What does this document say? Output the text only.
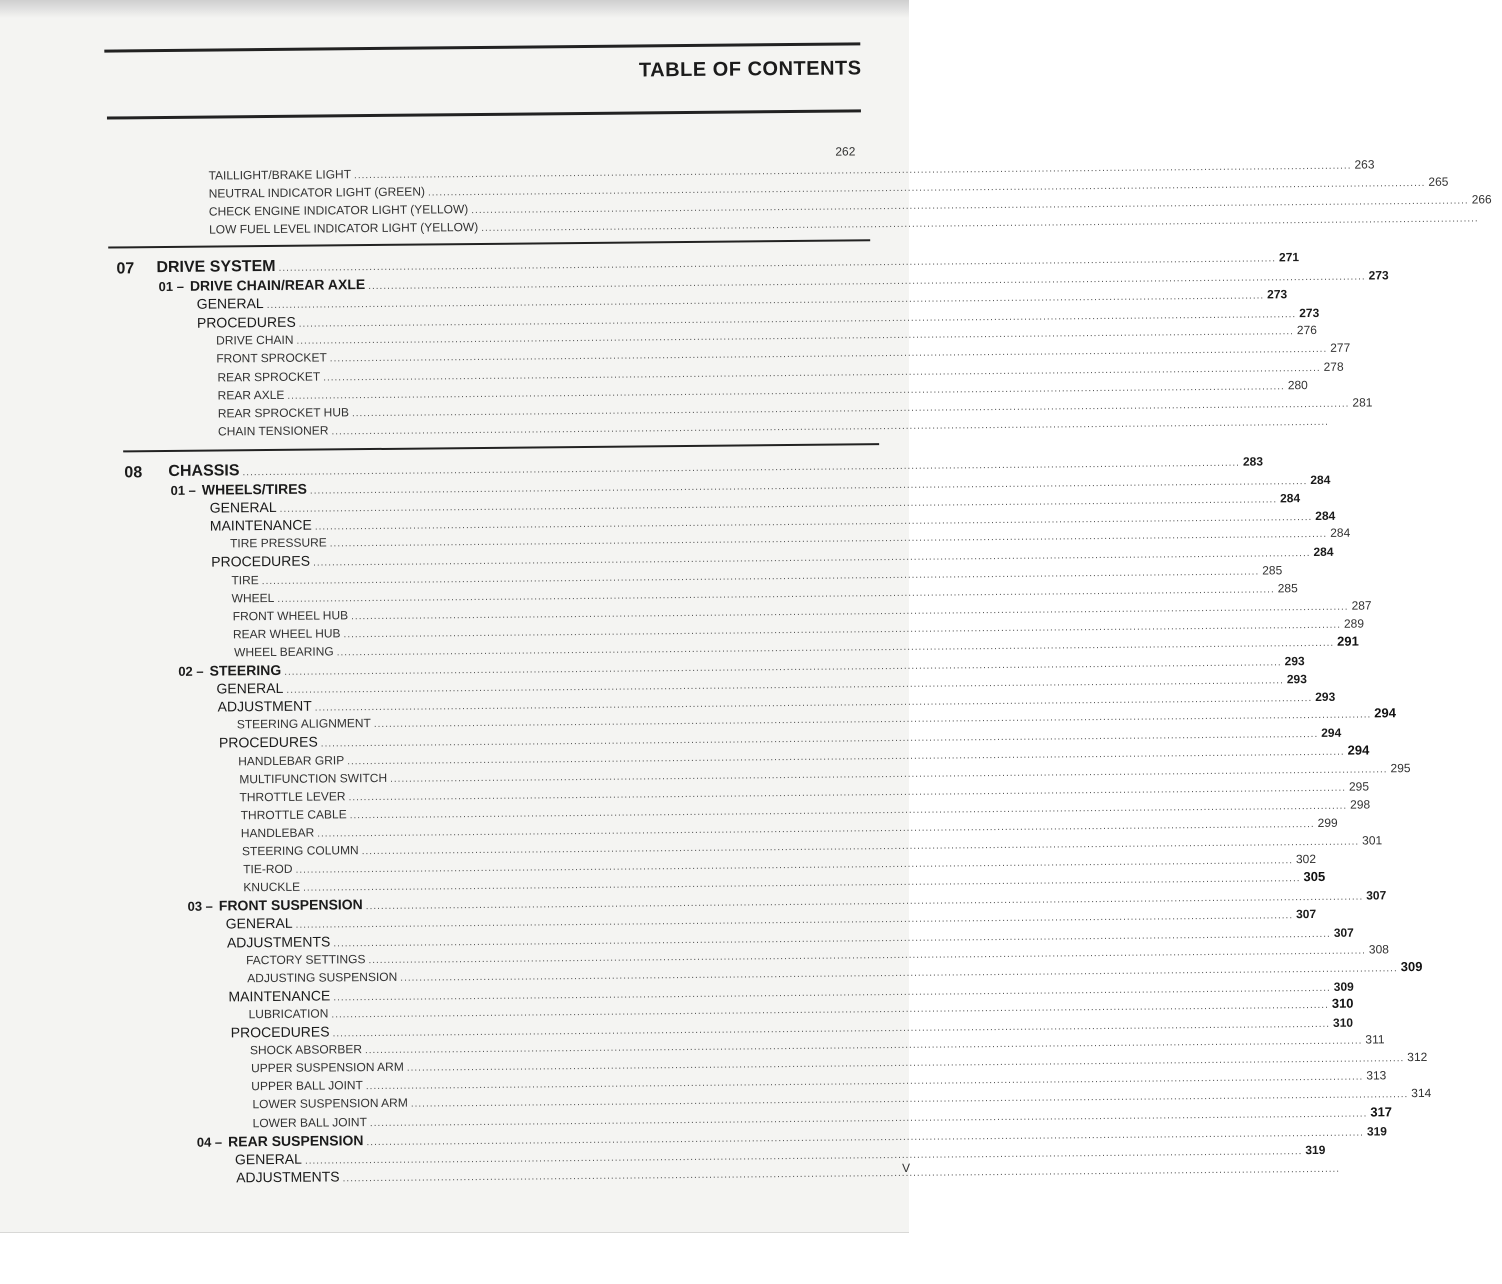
TABLE OF CONTENTS
262
TAILLIGHT/BRAKE LIGHT
.....
263
NEUTRAL INDICATOR LIGHT (GREEN)
.....
265
CHECK ENGINE INDICATOR LIGHT (YELLOW)
.....
266
LOW FUEL LEVEL INDICATOR LIGHT (YELLOW)
.....
07 DRIVE SYSTEM
.....
271
01 – DRIVE CHAIN/REAR AXLE
.....
273
GENERAL
.....
273
PROCEDURES
.....
273
DRIVE CHAIN
.....
276
FRONT SPROCKET
.....
277
REAR SPROCKET
.....
278
REAR AXLE
.....
280
REAR SPROCKET HUB
.....
281
CHAIN TENSIONER
.....
08 CHASSIS
.....
283
01 – WHEELS/TIRES
.....
284
GENERAL
.....
284
MAINTENANCE
.....
284
TIRE PRESSURE
.....
284
PROCEDURES
.....
284
TIRE
.....
285
WHEEL
.....
285
FRONT WHEEL HUB
.....
287
REAR WHEEL HUB
.....
289
WHEEL BEARING
.....
291
02 – STEERING
.....
293
GENERAL
.....
293
ADJUSTMENT
.....
293
STEERING ALIGNMENT
.....
294
PROCEDURES
.....
294
HANDLEBAR GRIP
.....
294
MULTIFUNCTION SWITCH
.....
295
THROTTLE LEVER
.....
295
THROTTLE CABLE
.....
298
HANDLEBAR
.....
299
STEERING COLUMN
.....
301
TIE-ROD
.....
302
KNUCKLE
.....
305
03 – FRONT SUSPENSION
.....
307
GENERAL
.....
307
ADJUSTMENTS
.....
307
FACTORY SETTINGS
.....
308
ADJUSTING SUSPENSION
.....
309
MAINTENANCE
.....
309
LUBRICATION
.....
310
PROCEDURES
.....
310
SHOCK ABSORBER
.....
311
UPPER SUSPENSION ARM
.....
312
UPPER BALL JOINT
.....
313
LOWER SUSPENSION ARM
.....
314
LOWER BALL JOINT
.....
317
04 – REAR SUSPENSION
.....
319
GENERAL
.....
319
ADJUSTMENTS
.....
V
